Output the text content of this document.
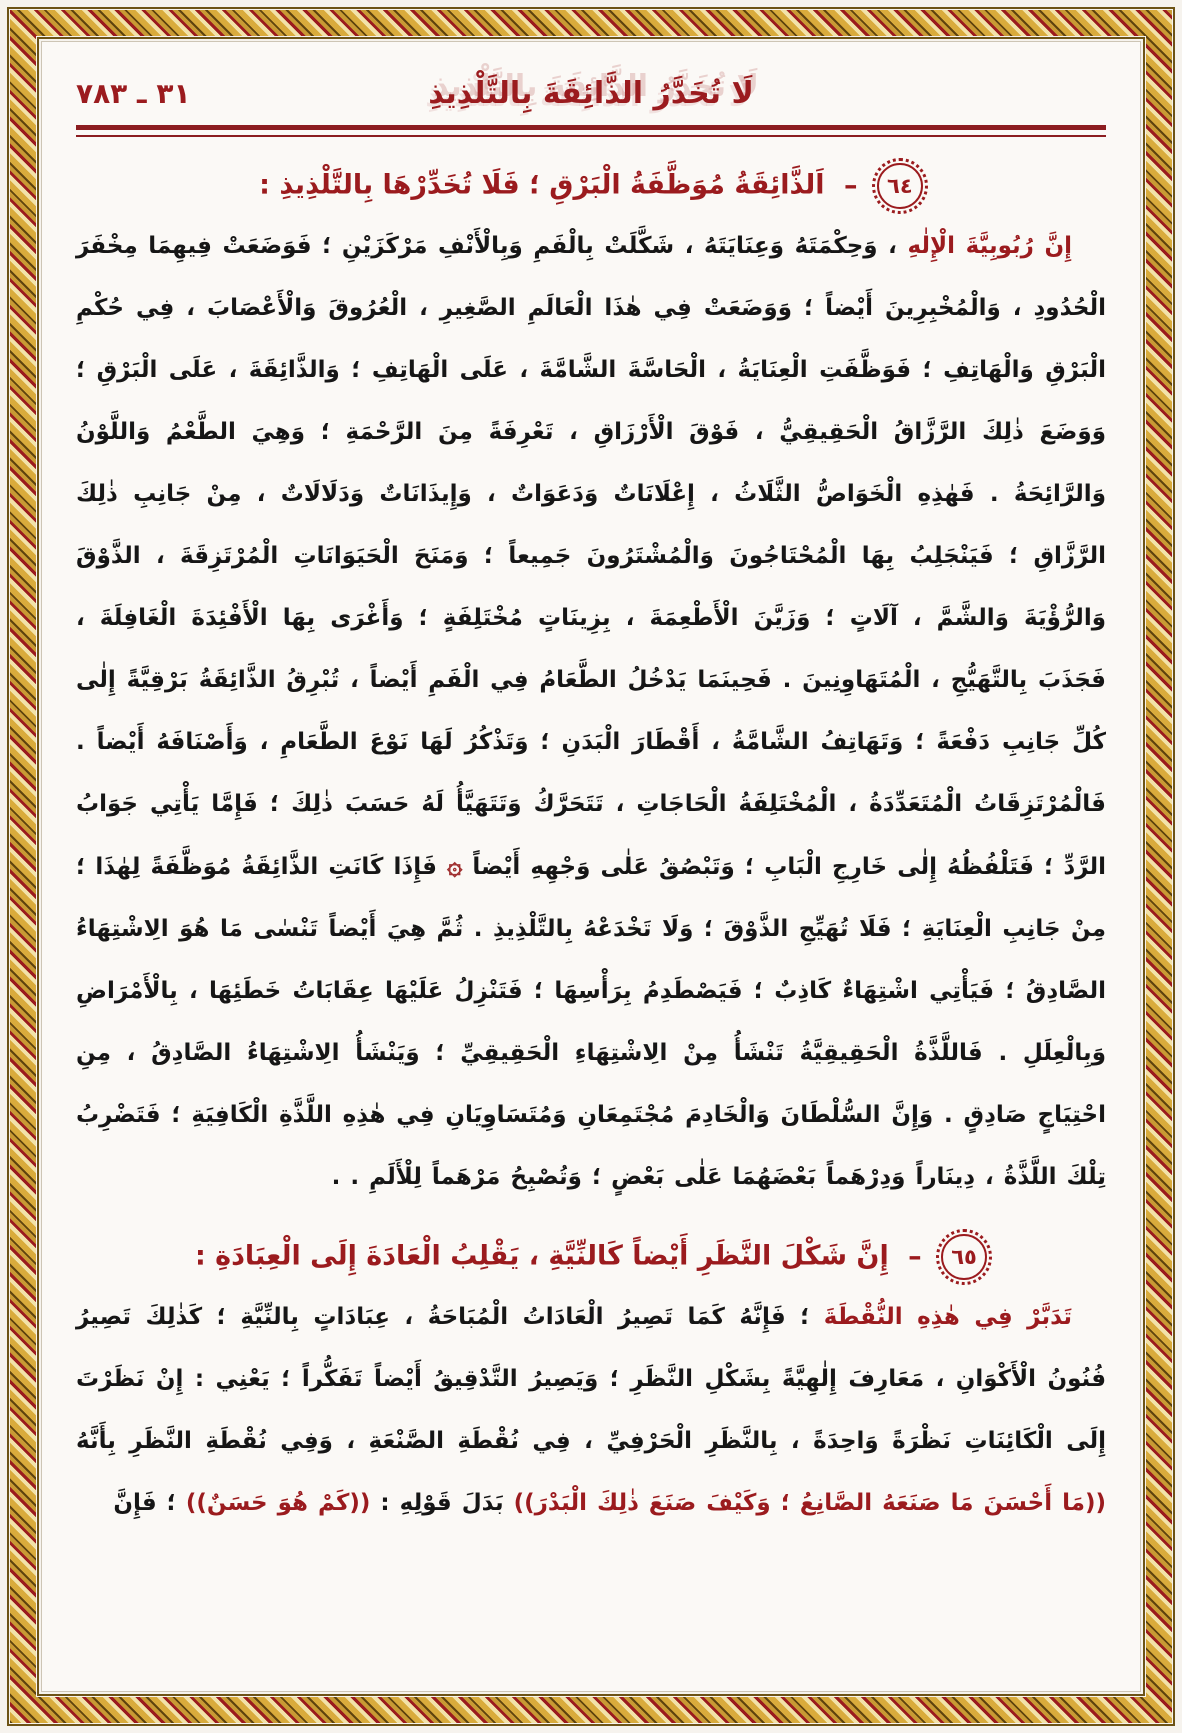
٣١ ـ ٧٨٣	لَا تُخَدَّرُ الذَّائِقَةَ بِالتَّلْذِيذِ
٦٤
– اَلذَّائِقَةُ مُوَظَّفَةُ الْبَرْقِ ؛ فَلَا تُخَدِّرْهَا بِالتَّلْذِيذِ :

إِنَّ رُبُوبِيَّةَ الْإِلٰهِ ، وَحِكْمَتَهُ وَعِنَايَتَهُ ، شَكَّلَتْ بِالْفَمِ وَبِالْأَنْفِ مَرْكَزَيْنِ ؛ فَوَضَعَتْ فِيهِمَا مِخْفَرَ الْحُدُودِ ، وَالْمُخْبِرِينَ أَيْضاً ؛ وَوَضَعَتْ فِي هٰذَا الْعَالَمِ الصَّغِيرِ ، الْعُرُوقَ وَالْأَعْصَابَ ، فِي حُكْمِ الْبَرْقِ وَالْهَاتِفِ ؛ فَوَظَّفَتِ الْعِنَايَةُ ، الْحَاسَّةَ الشَّامَّةَ ، عَلَى الْهَاتِفِ ؛ وَالذَّائِقَةَ ، عَلَى الْبَرْقِ ؛ وَوَضَعَ ذٰلِكَ الرَّزَّاقُ الْحَقِيقِيُّ ، فَوْقَ الْأَرْزَاقِ ، تَعْرِفَةً مِنَ الرَّحْمَةِ ؛ وَهِيَ الطَّعْمُ وَاللَّوْنُ وَالرَّائِحَةُ . فَهٰذِهِ الْخَوَاصُّ الثَّلَاثُ ، إِعْلَانَاتٌ وَدَعَوَاتٌ ، وَإِيذَانَاتٌ وَدَلَالَاتٌ ، مِنْ جَانِبِ ذٰلِكَ الرَّزَّاقِ ؛ فَيَنْجَلِبُ بِهَا الْمُحْتَاجُونَ وَالْمُشْتَرُونَ جَمِيعاً ؛ وَمَنَحَ الْحَيَوَانَاتِ الْمُرْتَزِقَةَ ، الذَّوْقَ وَالرُّؤْيَةَ وَالشَّمَّ ، آلَاتٍ ؛ وَزَيَّنَ الْأَطْعِمَةَ ، بِزِينَاتٍ مُخْتَلِفَةٍ ؛ وَأَغْرَى بِهَا الْأَفْئِدَةَ الْغَافِلَةَ ، فَجَذَبَ بِالتَّهَيُّجِ ، الْمُتَهَاوِنِينَ . فَحِينَمَا يَدْخُلُ الطَّعَامُ فِي الْفَمِ أَيْضاً ، تُبْرِقُ الذَّائِقَةُ بَرْقِيَّةً إِلٰى كُلِّ جَانِبِ دَفْعَةً ؛ وَتَهَاتِفُ الشَّامَّةُ ، أَقْطَارَ الْبَدَنِ ؛ وَتَذْكُرُ لَهَا نَوْعَ الطَّعَامِ ، وَأَصْنَافَهُ أَيْضاً . فَالْمُرْتَزِقَاتُ الْمُتَعَدِّدَةُ ، الْمُخْتَلِفَةُ الْحَاجَاتِ ، تَتَحَرَّكُ وَتَتَهَيَّأُ لَهُ حَسَبَ ذٰلِكَ ؛ فَإِمَّا يَأْتِي جَوَابُ الرَّدِّ ؛ فَتَلْفُظُهُ إِلٰى خَارِجِ الْبَابِ ؛ وَتَبْصُقُ عَلٰى وَجْهِهِ أَيْضاً ۞ فَإِذَا كَانَتِ الذَّائِقَةُ مُوَظَّفَةً لِهٰذَا ؛ مِنْ جَانِبِ الْعِنَايَةِ ؛ فَلَا تُهَيِّجِ الذَّوْقَ ؛ وَلَا تَخْدَعْهُ بِالتَّلْذِيذِ . ثُمَّ هِيَ أَيْضاً تَنْسٰى مَا هُوَ الِاشْتِهَاءُ الصَّادِقُ ؛ فَيَأْتِي اشْتِهَاءٌ كَاذِبٌ ؛ فَيَصْطَدِمُ بِرَأْسِهَا ؛ فَتَنْزِلُ عَلَيْهَا عِقَابَاتُ خَطَئِهَا ، بِالْأَمْرَاضِ وَبِالْعِلَلِ . فَاللَّذَّةُ الْحَقِيقِيَّةُ تَنْشَأُ مِنْ الِاشْتِهَاءِ الْحَقِيقِيِّ ؛ وَيَنْشَأُ الِاشْتِهَاءُ الصَّادِقُ ، مِنِ احْتِيَاجٍ صَادِقٍ . وَإِنَّ السُّلْطَانَ وَالْخَادِمَ مُجْتَمِعَانِ وَمُتَسَاوِيَانِ فِي هٰذِهِ اللَّذَّةِ الْكَافِيَةِ ؛ فَتَضْرِبُ تِلْكَ اللَّذَّةُ ، دِينَاراً وَدِرْهَماً بَعْضَهُمَا عَلٰى بَعْضٍ ؛ وَتُصْبِحُ مَرْهَماً لِلْأَلَمِ . .

٦٥
– إِنَّ شَكْلَ النَّظَرِ أَيْضاً كَالنِّيَّةِ ، يَقْلِبُ الْعَادَةَ إِلَى الْعِبَادَةِ :

تَدَبَّرْ فِي هٰذِهِ النُّقْطَةَ ؛ فَإِنَّهُ كَمَا تَصِيرُ الْعَادَاتُ الْمُبَاحَةُ ، عِبَادَاتٍ بِالنِّيَّةِ ؛ كَذٰلِكَ تَصِيرُ فُنُونُ الْأَكْوَانِ ، مَعَارِفَ إِلٰهِيَّةً بِشَكْلِ النَّظَرِ ؛ وَيَصِيرُ التَّدْقِيقُ أَيْضاً تَفَكُّراً ؛ يَعْنِي : إِنْ نَظَرْتَ إِلَى الْكَائِنَاتِ نَظْرَةً وَاحِدَةً ، بِالنَّظَرِ الْحَرْفِيِّ ، فِي نُقْطَةِ الصَّنْعَةِ ، وَفِي نُقْطَةِ النَّظَرِ بِأَنَّهُ ((مَا أَحْسَنَ مَا صَنَعَهُ الصَّانِعُ ؛ وَكَيْفَ صَنَعَ ذٰلِكَ الْبَدْرَ)) بَدَلَ قَوْلِهِ : ((كَمْ هُوَ حَسَنٌ)) ؛ فَإِنَّ
